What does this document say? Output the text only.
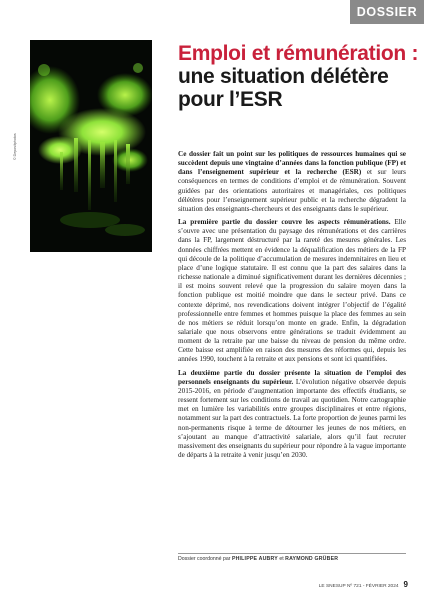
DOSSIER
© Depositphotos
Emploi et rémunération :
une situation délétère
pour l’ESR

Ce dossier fait un point sur les politiques de ressources humaines qui se succèdent depuis une vingtaine d’années dans la fonction publique (FP) et dans l’enseignement supérieur et la recherche (ESR) et sur leurs conséquences en termes de conditions d’emploi et de rémunération. Souvent guidées par des orientations autoritaires et managériales, ces politiques délétères pour l’enseignement supérieur public et la recherche dégradent la situation des enseignants-chercheurs et des enseignants dans le supérieur.

La première partie du dossier couvre les aspects rémunérations. Elle s’ouvre avec une présentation du paysage des rémunérations et des carrières dans la FP, largement déstructuré par la rareté des mesures générales. Les données chiffrées mettent en évidence la déqualification des métiers de la FP qui découle de la politique d’accumulation de mesures indemnitaires en lieu et place d’une logique statutaire. Il est connu que la part des salaires dans la richesse nationale a diminué significativement durant les dernières décennies ; il est moins souvent relevé que la progression du salaire moyen dans la fonction publique est moitié moindre que dans le secteur privé. Dans ce contexte déprimé, nos revendications doivent intégrer l’objectif de l’égalité professionnelle entre femmes et hommes puisque la place des femmes au sein de nos métiers se réduit lorsqu’on monte en grade. Enfin, la dégradation salariale que nous observons entre générations se traduit évidemment au moment de la retraite par une baisse du niveau de pension du même ordre. Cette baisse est amplifiée en raison des mesures des réformes qui, depuis les années 1990, touchent à la retraite et aux pensions et sont ici quantifiées.

La deuxième partie du dossier présente la situation de l’emploi des personnels enseignants du supérieur. L’évolution négative observée depuis 2015-2016, en période d’augmentation importante des effectifs étudiants, se ressent fortement sur les conditions de travail au quotidien. Notre cartographie met en lumière les variabilités entre groupes disciplinaires et entre régions, notamment sur la part des contractuels. La forte proportion de jeunes parmi les non-permanents risque à terme de détourner les jeunes de nos métiers, en s’ajoutant au manque d’attractivité salariale, alors qu’il faut recruter massivement des enseignants du supérieur pour répondre à la vague importante de départs à la retraite à venir jusqu’en 2030.

Dossier coordonné par PHILIPPE AUBRY et RAYMOND GRÜBER
LE SNESUP Nº 721 - FÉVRIER 2024 9
